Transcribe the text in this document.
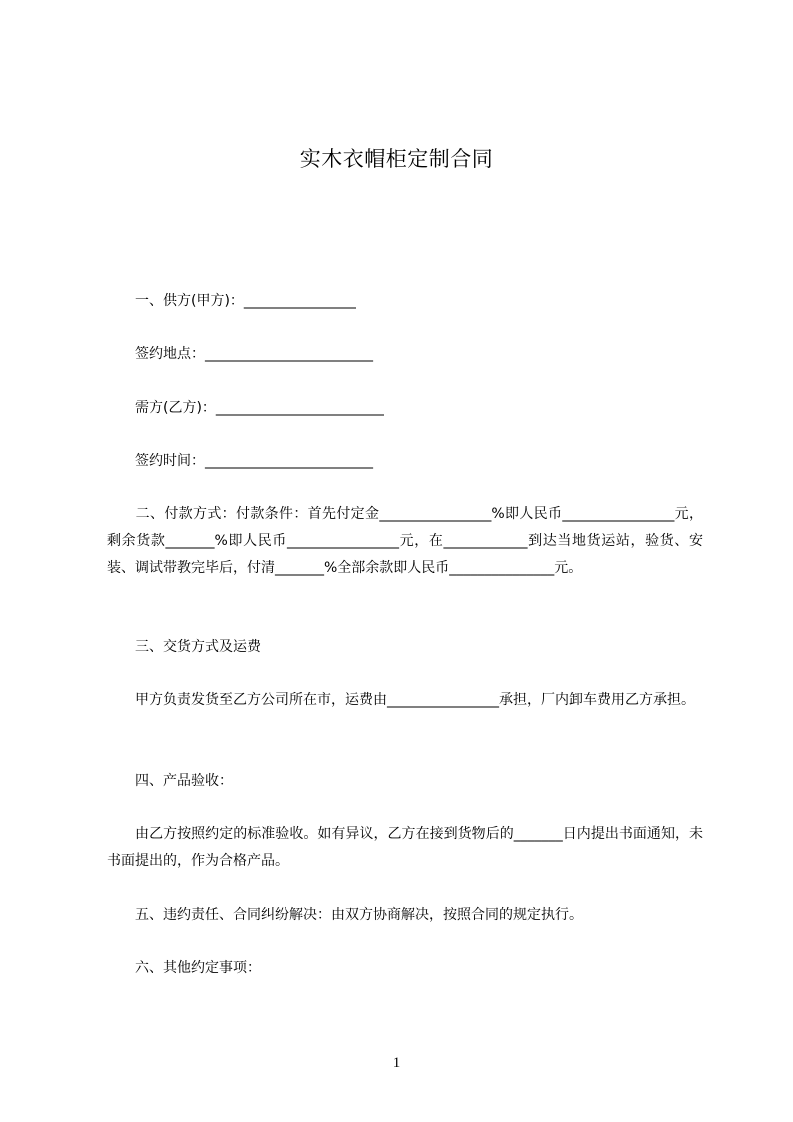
实木衣帽柜定制合同
　　一、供方(甲方)：________________
　　签约地点：________________________
　　需方(乙方)：________________________
　　签约时间：________________________
　　二、付款方式：付款条件：首先付定金________________%即人民币________________元，剩余货款_______%即人民币________________元，在____________到达当地货运站，验货、安装、调试带教完毕后，付清_______%全部余款即人民币_______________元。
　　三、交货方式及运费
　　甲方负责发货至乙方公司所在市，运费由________________承担，厂内卸车费用乙方承担。
　　四、产品验收：
　　由乙方按照约定的标准验收。如有异议，乙方在接到货物后的_______日内提出书面通知，未书面提出的，作为合格产品。
　　五、违约责任、合同纠纷解决：由双方协商解决，按照合同的规定执行。
　　六、其他约定事项：
1
